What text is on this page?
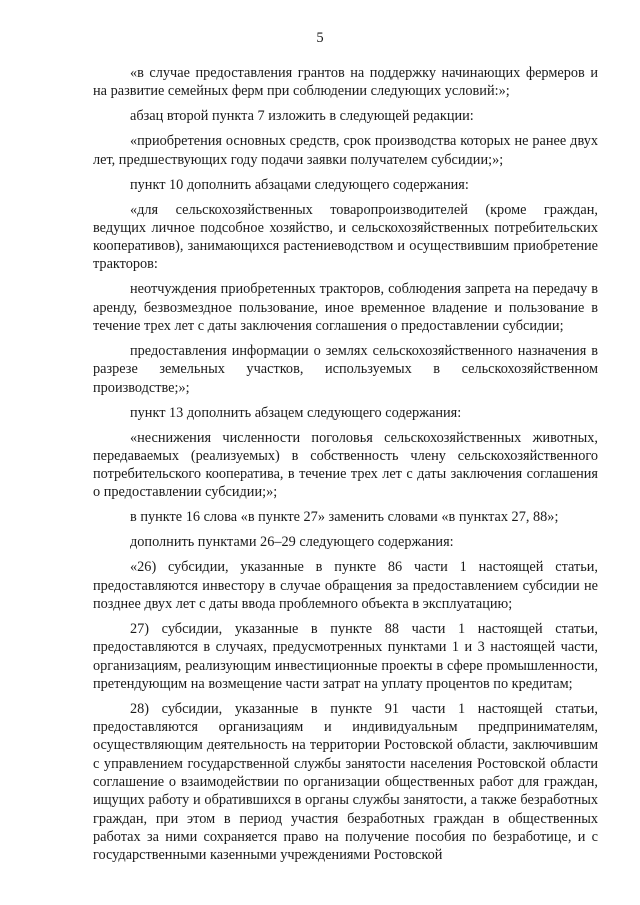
5

«в случае предоставления грантов на поддержку начинающих фермеров и на развитие семейных ферм при соблюдении следующих условий:»;

абзац второй пункта 7 изложить в следующей редакции:

«приобретения основных средств, срок производства которых не ранее двух лет, предшествующих году подачи заявки получателем субсидии;»;

пункт 10 дополнить абзацами следующего содержания:

«для сельскохозяйственных товаропроизводителей (кроме граждан, ведущих личное подсобное хозяйство, и сельскохозяйственных потребительских кооперативов), занимающихся растениеводством и осуществившим приобретение тракторов:

неотчуждения приобретенных тракторов, соблюдения запрета на передачу в аренду, безвозмездное пользование, иное временное владение и пользование в течение трех лет с даты заключения соглашения о предоставлении субсидии;

предоставления информации о землях сельскохозяйственного назначения в разрезе земельных участков, используемых в сельскохозяйственном производстве;»;

пункт 13 дополнить абзацем следующего содержания:

«неснижения численности поголовья сельскохозяйственных животных, передаваемых (реализуемых) в собственность члену сельскохозяйственного потребительского кооператива, в течение трех лет с даты заключения соглашения о предоставлении субсидии;»;

в пункте 16 слова «в пункте 27» заменить словами «в пунктах 27, 88»;

дополнить пунктами 26–29 следующего содержания:

«26) субсидии, указанные в пункте 86 части 1 настоящей статьи, предоставляются инвестору в случае обращения за предоставлением субсидии не позднее двух лет с даты ввода проблемного объекта в эксплуатацию;

27) субсидии, указанные в пункте 88 части 1 настоящей статьи, предоставляются в случаях, предусмотренных пунктами 1 и 3 настоящей части, организациям, реализующим инвестиционные проекты в сфере промышленности, претендующим на возмещение части затрат на уплату процентов по кредитам;

28) субсидии, указанные в пункте 91 части 1 настоящей статьи, предоставляются организациям и индивидуальным предпринимателям, осуществляющим деятельность на территории Ростовской области, заключившим с управлением государственной службы занятости населения Ростовской области соглашение о взаимодействии по организации общественных работ для граждан, ищущих работу и обратившихся в органы службы занятости, а также безработных граждан, при этом в период участия безработных граждан в общественных работах за ними сохраняется право на получение пособия по безработице, и с государственными казенными учреждениями Ростовской
